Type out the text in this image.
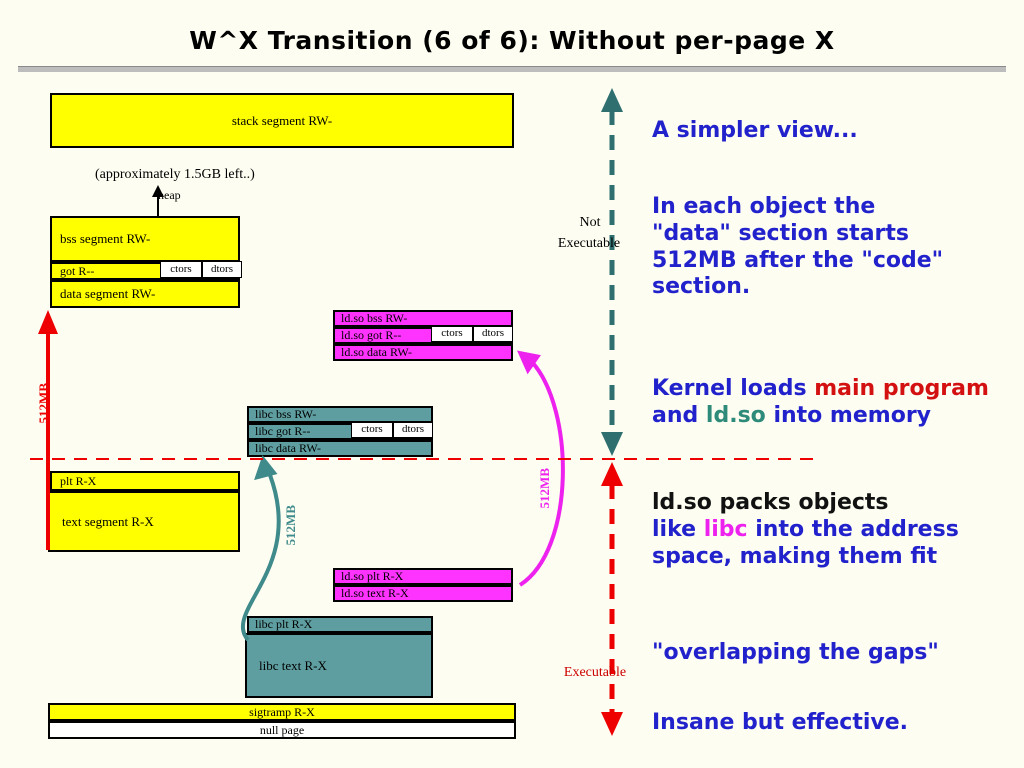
W^X Transition (6 of 6): Without per-page X
stack segment RW-
(approximately 1.5GB left..)
heap
bss segment RW-
got R--	ctors	dtors
data segment RW-
plt R-X
text segment R-X
512MB
sigtramp R-X
null page
ld.so bss RW-
ld.so got R--	ctors	dtors
ld.so data RW-
ld.so plt R-X
ld.so text R-X
512MB
libc bss RW-
libc got R--	ctors	dtors
libc data RW-
libc plt R-X
libc text R-X
512MB
Not
Executable
Executable
A simpler view...
In each object the
"data" section starts
512MB after the "code"
section.
Kernel loads main program
and ld.so into memory
ld.so packs objects
like libc into the address
space, making them fit
"overlapping the gaps"
Insane but effective.
